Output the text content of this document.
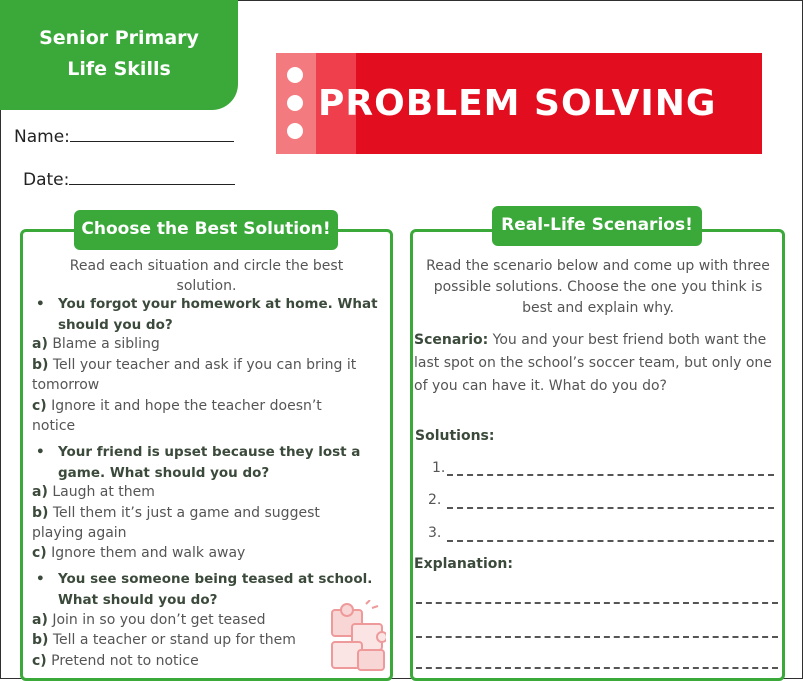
Senior Primary
Life Skills
Name:
Date:
PROBLEM SOLVING
Choose the Best Solution!
Read each situation and circle the best solution.
• You forgot your homework at home. What should you do?
a) Blame a sibling
b) Tell your teacher and ask if you can bring it tomorrow
c) Ignore it and hope the teacher doesn’t notice
• Your friend is upset because they lost a game. What should you do?
a) Laugh at them
b) Tell them it’s just a game and suggest playing again
c) Ignore them and walk away
• You see someone being teased at school. What should you do?
a) Join in so you don’t get teased
b) Tell a teacher or stand up for them
c) Pretend not to notice
Real-Life Scenarios!
Read the scenario below and come up with three possible solutions. Choose the one you think is best and explain why.
Scenario: You and your best friend both want the last spot on the school’s soccer team, but only one of you can have it. What do you do?
Solutions:
1.
2.
3.
Explanation:
